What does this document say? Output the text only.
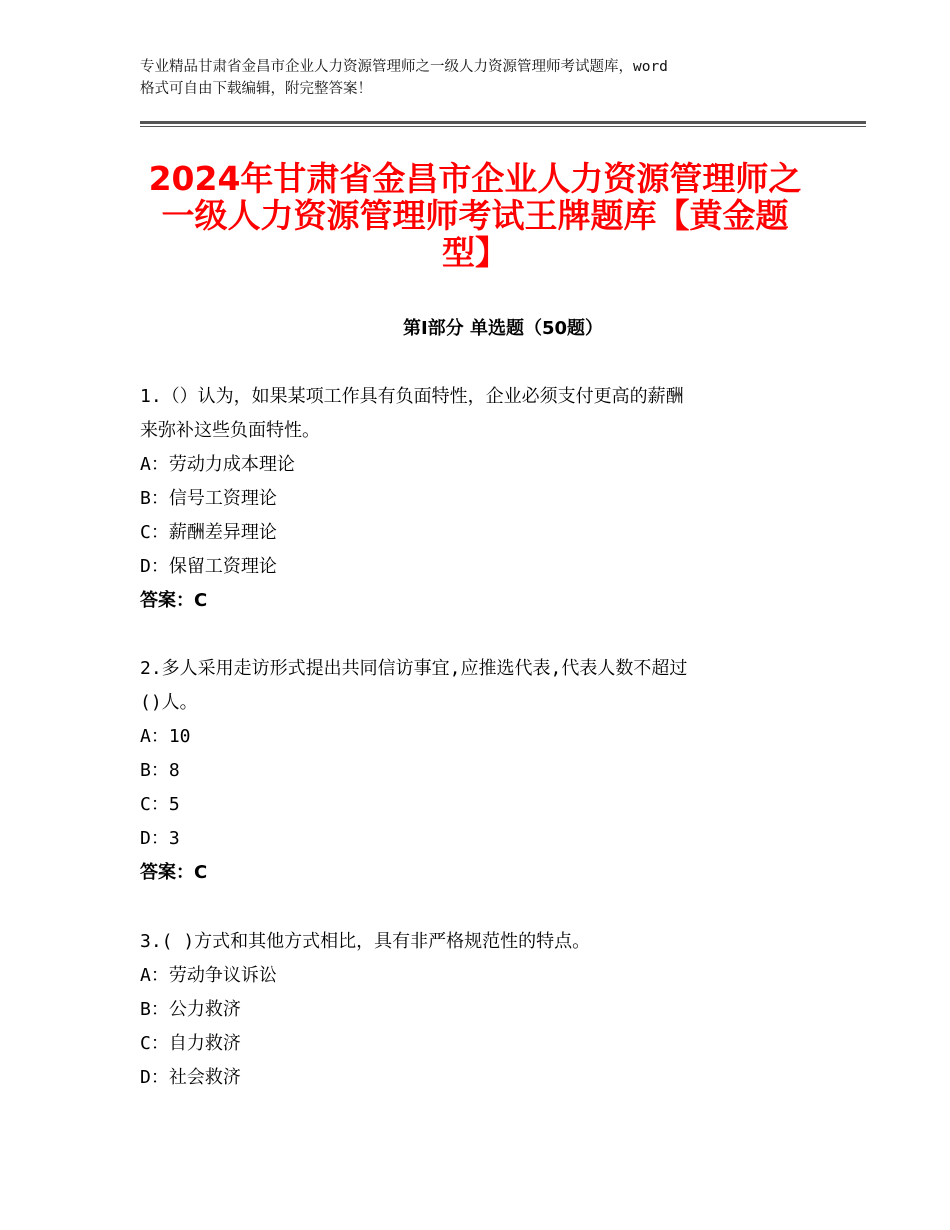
专业精品甘肃省金昌市企业人力资源管理师之一级人力资源管理师考试题库，word
格式可自由下载编辑，附完整答案！
2024年甘肃省金昌市企业人力资源管理师之
一级人力资源管理师考试王牌题库【黄金题
型】
第Ⅰ部分 单选题（50题）
1.（）认为，如果某项工作具有负面特性，企业必须支付更高的薪酬
来弥补这些负面特性。
A：劳动力成本理论
B：信号工资理论
C：薪酬差异理论
D：保留工资理论
答案：C
2.多人采用走访形式提出共同信访事宜,应推选代表,代表人数不超过
()人。
A：10
B：8
C：5
D：3
答案：C
3.( )方式和其他方式相比，具有非严格规范性的特点。
A：劳动争议诉讼
B：公力救济
C：自力救济
D：社会救济
